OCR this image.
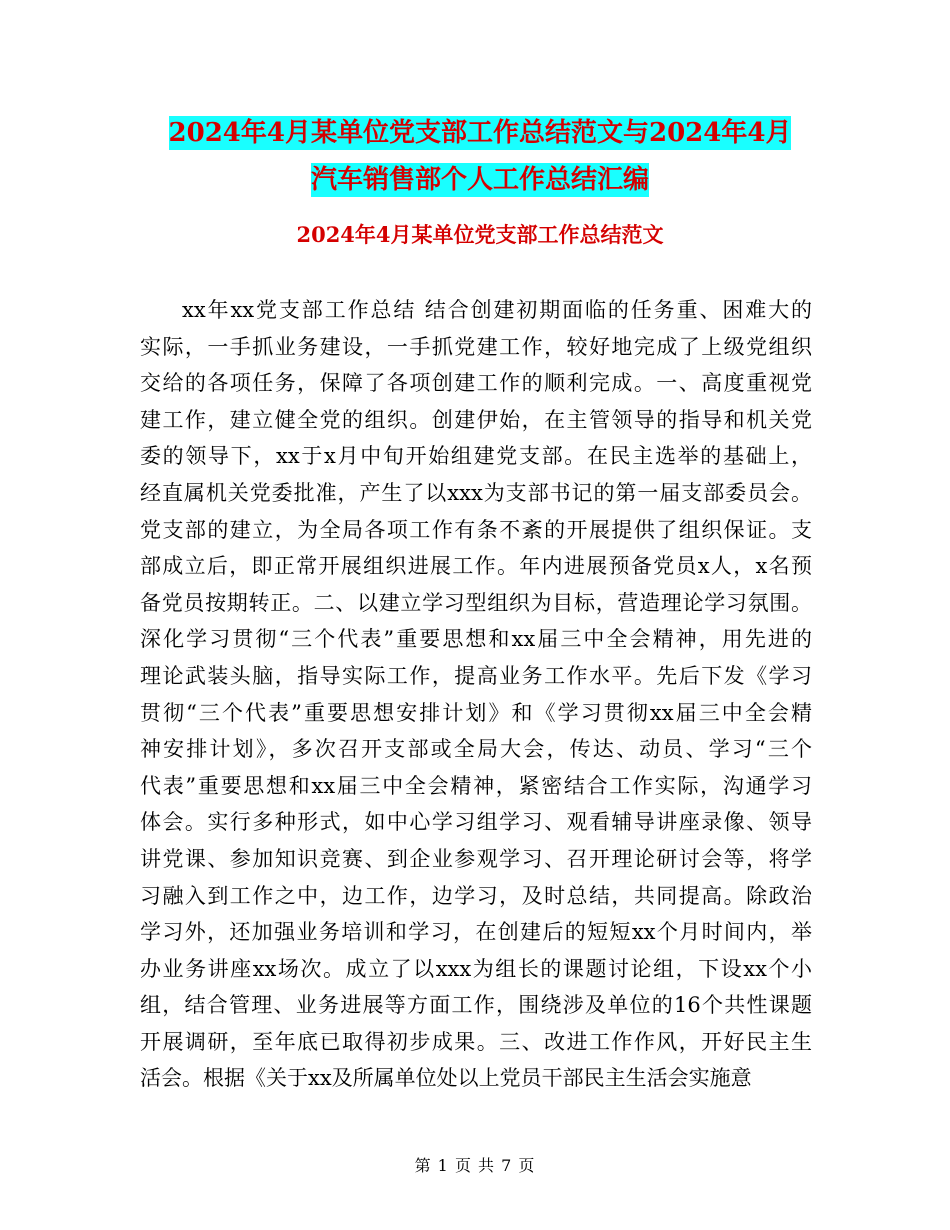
2024年4月某单位党支部工作总结范文与2024年4月
汽车销售部个人工作总结汇编
2024年4月某单位党支部工作总结范文

xx年xx党支部工作总结 结合创建初期面临的任务重、困难大的
实际，一手抓业务建设，一手抓党建工作，较好地完成了上级党组织
交给的各项任务，保障了各项创建工作的顺利完成。一、高度重视党
建工作，建立健全党的组织。创建伊始，在主管领导的指导和机关党
委的领导下，xx于x月中旬开始组建党支部。在民主选举的基础上，
经直属机关党委批准，产生了以xxx为支部书记的第一届支部委员会。
党支部的建立，为全局各项工作有条不紊的开展提供了组织保证。支
部成立后，即正常开展组织进展工作。年内进展预备党员x人，x名预
备党员按期转正。二、以建立学习型组织为目标，营造理论学习氛围。
深化学习贯彻“三个代表”重要思想和xx届三中全会精神，用先进的
理论武装头脑，指导实际工作，提高业务工作水平。先后下发《学习
贯彻“三个代表”重要思想安排计划》和《学习贯彻xx届三中全会精
神安排计划》，多次召开支部或全局大会，传达、动员、学习“三个
代表”重要思想和xx届三中全会精神，紧密结合工作实际，沟通学习
体会。实行多种形式，如中心学习组学习、观看辅导讲座录像、领导
讲党课、参加知识竞赛、到企业参观学习、召开理论研讨会等，将学
习融入到工作之中，边工作，边学习，及时总结，共同提高。除政治
学习外，还加强业务培训和学习，在创建后的短短xx个月时间内，举
办业务讲座xx场次。成立了以xxx为组长的课题讨论组，下设xx个小
组，结合管理、业务进展等方面工作，围绕涉及单位的16个共性课题
开展调研，至年底已取得初步成果。三、改进工作作风，开好民主生
活会。根据《关于xx及所属单位处以上党员干部民主生活会实施意

第 1 页 共 7 页
